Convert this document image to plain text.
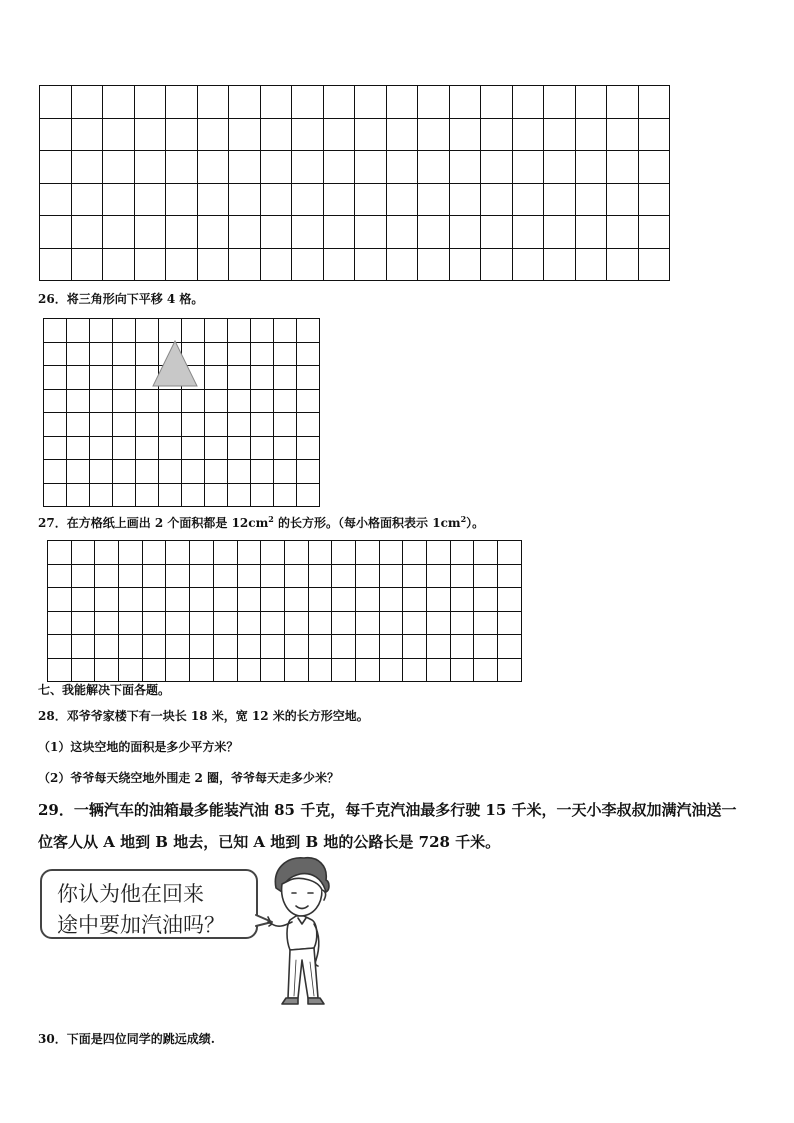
26．将三角形向下平移 4 格。

27．在方格纸上画出 2 个面积都是 $12cm^2$ 的长方形。（每小格面积表示 $1cm^2$）。

七、我能解决下面各题。
28．邓爷爷家楼下有一块长 18 米，宽 12 米的长方形空地。
（1）这块空地的面积是多少平方米？
（2）爷爷每天绕空地外围走 2 圈，爷爷每天走多少米？
29．一辆汽车的油箱最多能装汽油 85 千克，每千克汽油最多行驶 15 千米，一天小李叔叔加满汽油送一
位客人从 A 地到 B 地去，已知 A 地到 B 地的公路长是 728 千米。
你认为他在回来
途中要加汽油吗？
30．下面是四位同学的跳远成绩.
